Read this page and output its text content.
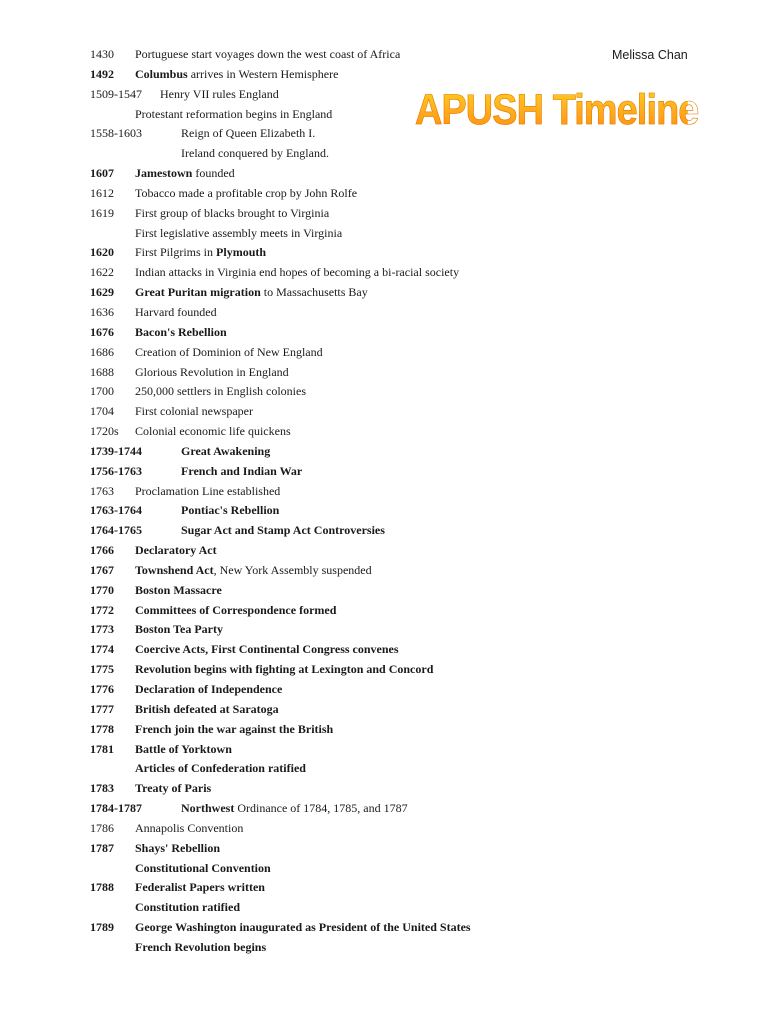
Melissa Chan
APUSH Timeline
1430 Portuguese start voyages down the west coast of Africa
1492 Columbus arrives in Western Hemisphere
1509-1547 Henry VII rules England
Protestant reformation begins in England
1558-1603	Reign of Queen Elizabeth I.
Ireland conquered by England.
1607 Jamestown founded
1612 Tobacco made a profitable crop by John Rolfe
1619 First group of blacks brought to Virginia
First legislative assembly meets in Virginia
1620 First Pilgrims in Plymouth
1622 Indian attacks in Virginia end hopes of becoming a bi-racial society
1629 Great Puritan migration to Massachusetts Bay
1636 Harvard founded
1676 Bacon's Rebellion
1686 Creation of Dominion of New England
1688 Glorious Revolution in England
1700 250,000 settlers in English colonies
1704 First colonial newspaper
1720s Colonial economic life quickens
1739-1744	Great Awakening
1756-1763	French and Indian War
1763 Proclamation Line established
1763-1764	Pontiac's Rebellion
1764-1765	Sugar Act and Stamp Act Controversies
1766 Declaratory Act
1767 Townshend Act, New York Assembly suspended
1770 Boston Massacre
1772 Committees of Correspondence formed
1773 Boston Tea Party
1774 Coercive Acts, First Continental Congress convenes
1775 Revolution begins with fighting at Lexington and Concord
1776 Declaration of Independence
1777 British defeated at Saratoga
1778 French join the war against the British
1781 Battle of Yorktown
Articles of Confederation ratified
1783 Treaty of Paris
1784-1787	Northwest Ordinance of 1784, 1785, and 1787
1786 Annapolis Convention
1787 Shays' Rebellion
Constitutional Convention
1788 Federalist Papers written
Constitution ratified
1789 George Washington inaugurated as President of the United States
French Revolution begins
